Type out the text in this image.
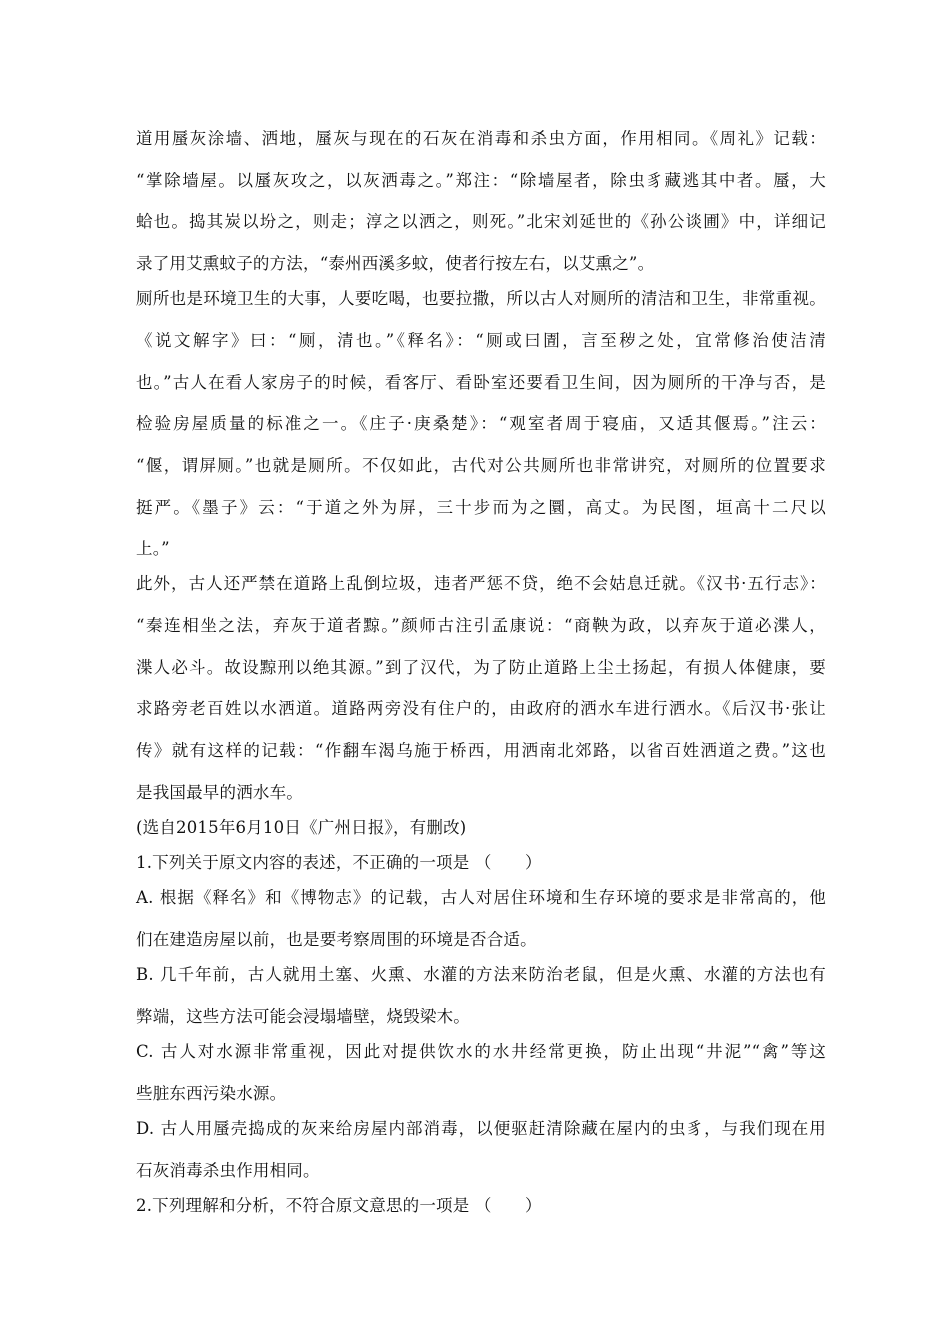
道用蜃灰涂墙、洒地，蜃灰与现在的石灰在消毒和杀虫方面，作用相同。《周礼》记载：
“掌除墙屋。以蜃灰攻之，以灰洒毒之。”郑注：“除墙屋者，除虫豸藏逃其中者。蜃，大
蛤也。捣其炭以坋之，则走；淳之以洒之，则死。”北宋刘延世的《孙公谈圃》中，详细记
录了用艾熏蚊子的方法，“泰州西溪多蚊，使者行按左右，以艾熏之”。
厕所也是环境卫生的大事，人要吃喝，也要拉撒，所以古人对厕所的清洁和卫生，非常重视。
《说文解字》曰：“厕，清也。”《释名》：“厕或曰圊，言至秽之处，宜常修治使洁清
也。”古人在看人家房子的时候，看客厅、看卧室还要看卫生间，因为厕所的干净与否，是
检验房屋质量的标准之一。《庄子·庚桑楚》：“观室者周于寝庙，又适其偃焉。”注云：
“偃，谓屏厕。”也就是厕所。不仅如此，古代对公共厕所也非常讲究，对厕所的位置要求
挺严。《墨子》云：“于道之外为屏，三十步而为之圜，高丈。为民图，垣高十二尺以
上。”
此外，古人还严禁在道路上乱倒垃圾，违者严惩不贷，绝不会姑息迁就。《汉书·五行志》：
“秦连相坐之法，弃灰于道者黥。”颜师古注引孟康说：“商鞅为政，以弃灰于道必渫人，
渫人必斗。故设黥刑以绝其源。”到了汉代，为了防止道路上尘土扬起，有损人体健康，要
求路旁老百姓以水洒道。道路两旁没有住户的，由政府的洒水车进行洒水。《后汉书·张让
传》就有这样的记载：“作翻车渴乌施于桥西，用洒南北郊路，以省百姓洒道之费。”这也
是我国最早的洒水车。
(选自2015年6月10日《广州日报》，有删改)
1.下列关于原文内容的表述，不正确的一项是 （　　）
A. 根据《释名》和《博物志》的记载，古人对居住环境和生存环境的要求是非常高的，他
们在建造房屋以前，也是要考察周围的环境是否合适。
B. 几千年前，古人就用土塞、火熏、水灌的方法来防治老鼠，但是火熏、水灌的方法也有
弊端，这些方法可能会浸塌墙壁，烧毁梁木。
C. 古人对水源非常重视，因此对提供饮水的水井经常更换，防止出现“井泥”“禽”等这
些脏东西污染水源。
D. 古人用蜃壳捣成的灰来给房屋内部消毒，以便驱赶清除藏在屋内的虫豸，与我们现在用
石灰消毒杀虫作用相同。
2.下列理解和分析，不符合原文意思的一项是 （　　）
